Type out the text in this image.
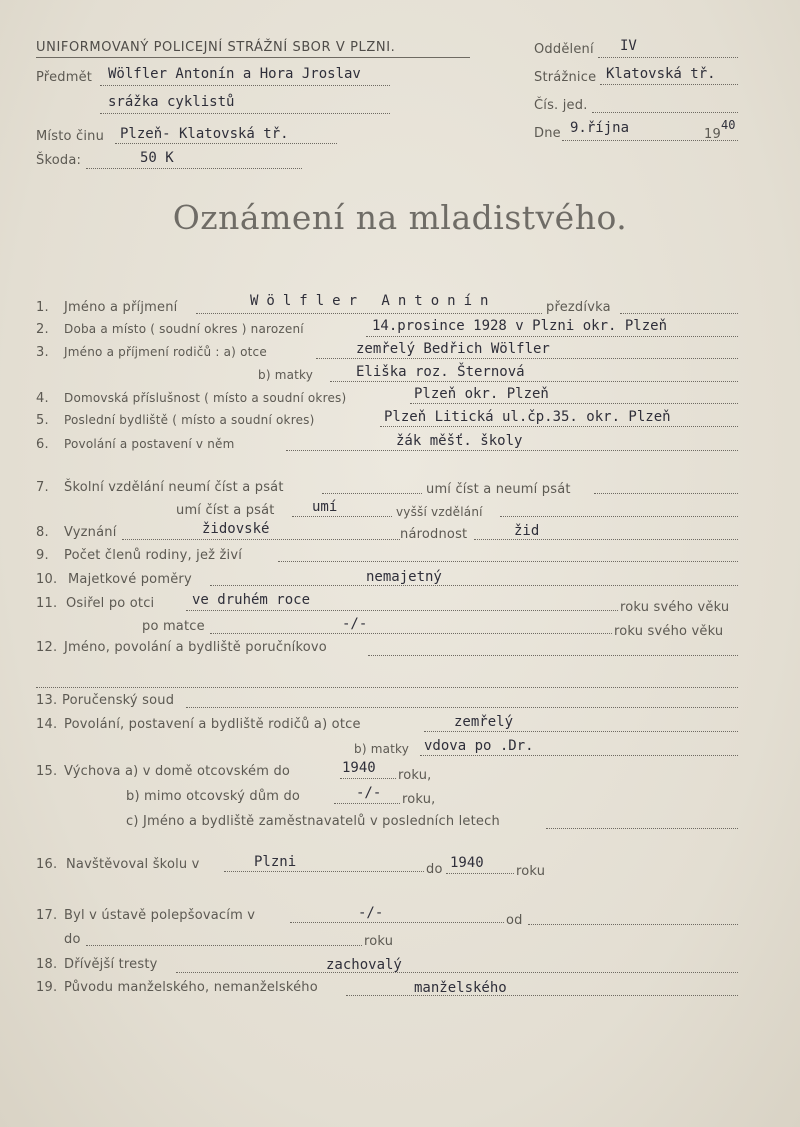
UNIFORMOVANÝ POLICEJNÍ STRÁŽNÍ SBOR V PLZNI.
Předmět Wölfler Antonín a Hora Jroslav
srážka cyklistů
Místo činu Plzeň- Klatovská tř.
Škoda:	50 K
Oddělení IV
Strážnice Klatovská tř.
Čís. jed.
Dne 9.října	19
40
Oznámení na mladistvého.
1. Jméno a příjmení	Wölfler Antonín	přezdívka
2. Doba a místo ( soudní okres ) narození	14.prosince 1928 v Plzni okr. Plzeň
3. Jméno a příjmení rodičů : a) otce	zemřelý Bedřich Wölfler
b) matky	Eliška roz. Šternová
4. Domovská příslušnost ( místo a soudní okres)	Plzeň okr. Plzeň
5. Poslední bydliště ( místo a soudní okres)	Plzeň Litická ul.čp.35. okr. Plzeň
6. Povolání a postavení v něm	žák měšť. školy
7. Školní vzdělání neumí číst a psát	umí číst a neumí psát
umí číst a psát	umí	vyšší vzdělání
8. Vyznání	židovské	národnost	žid
9. Počet členů rodiny, jež živí
10. Majetkové poměry	nemajetný
11. Osiřel po otci	ve druhém roce	roku svého věku
po matce	-/-	roku svého věku
12. Jméno, povolání a bydliště poručníkovo
13. Poručenský soud
14. Povolání, postavení a bydliště rodičů a) otce	zemřelý
b) matky vdova po .Dr.
15. Výchova a) v domě otcovském do	1940 roku,
b) mimo otcovský dům do	-/- roku,
c) Jméno a bydliště zaměstnavatelů v posledních letech
16. Navštěvoval školu v	Plzni	do 1940
roku
17. Byl v ústavě polepšovacím v	-/-	od
do	roku
18. Dřívější tresty	zachovalý
19. Původu manželského, nemanželského	manželského
